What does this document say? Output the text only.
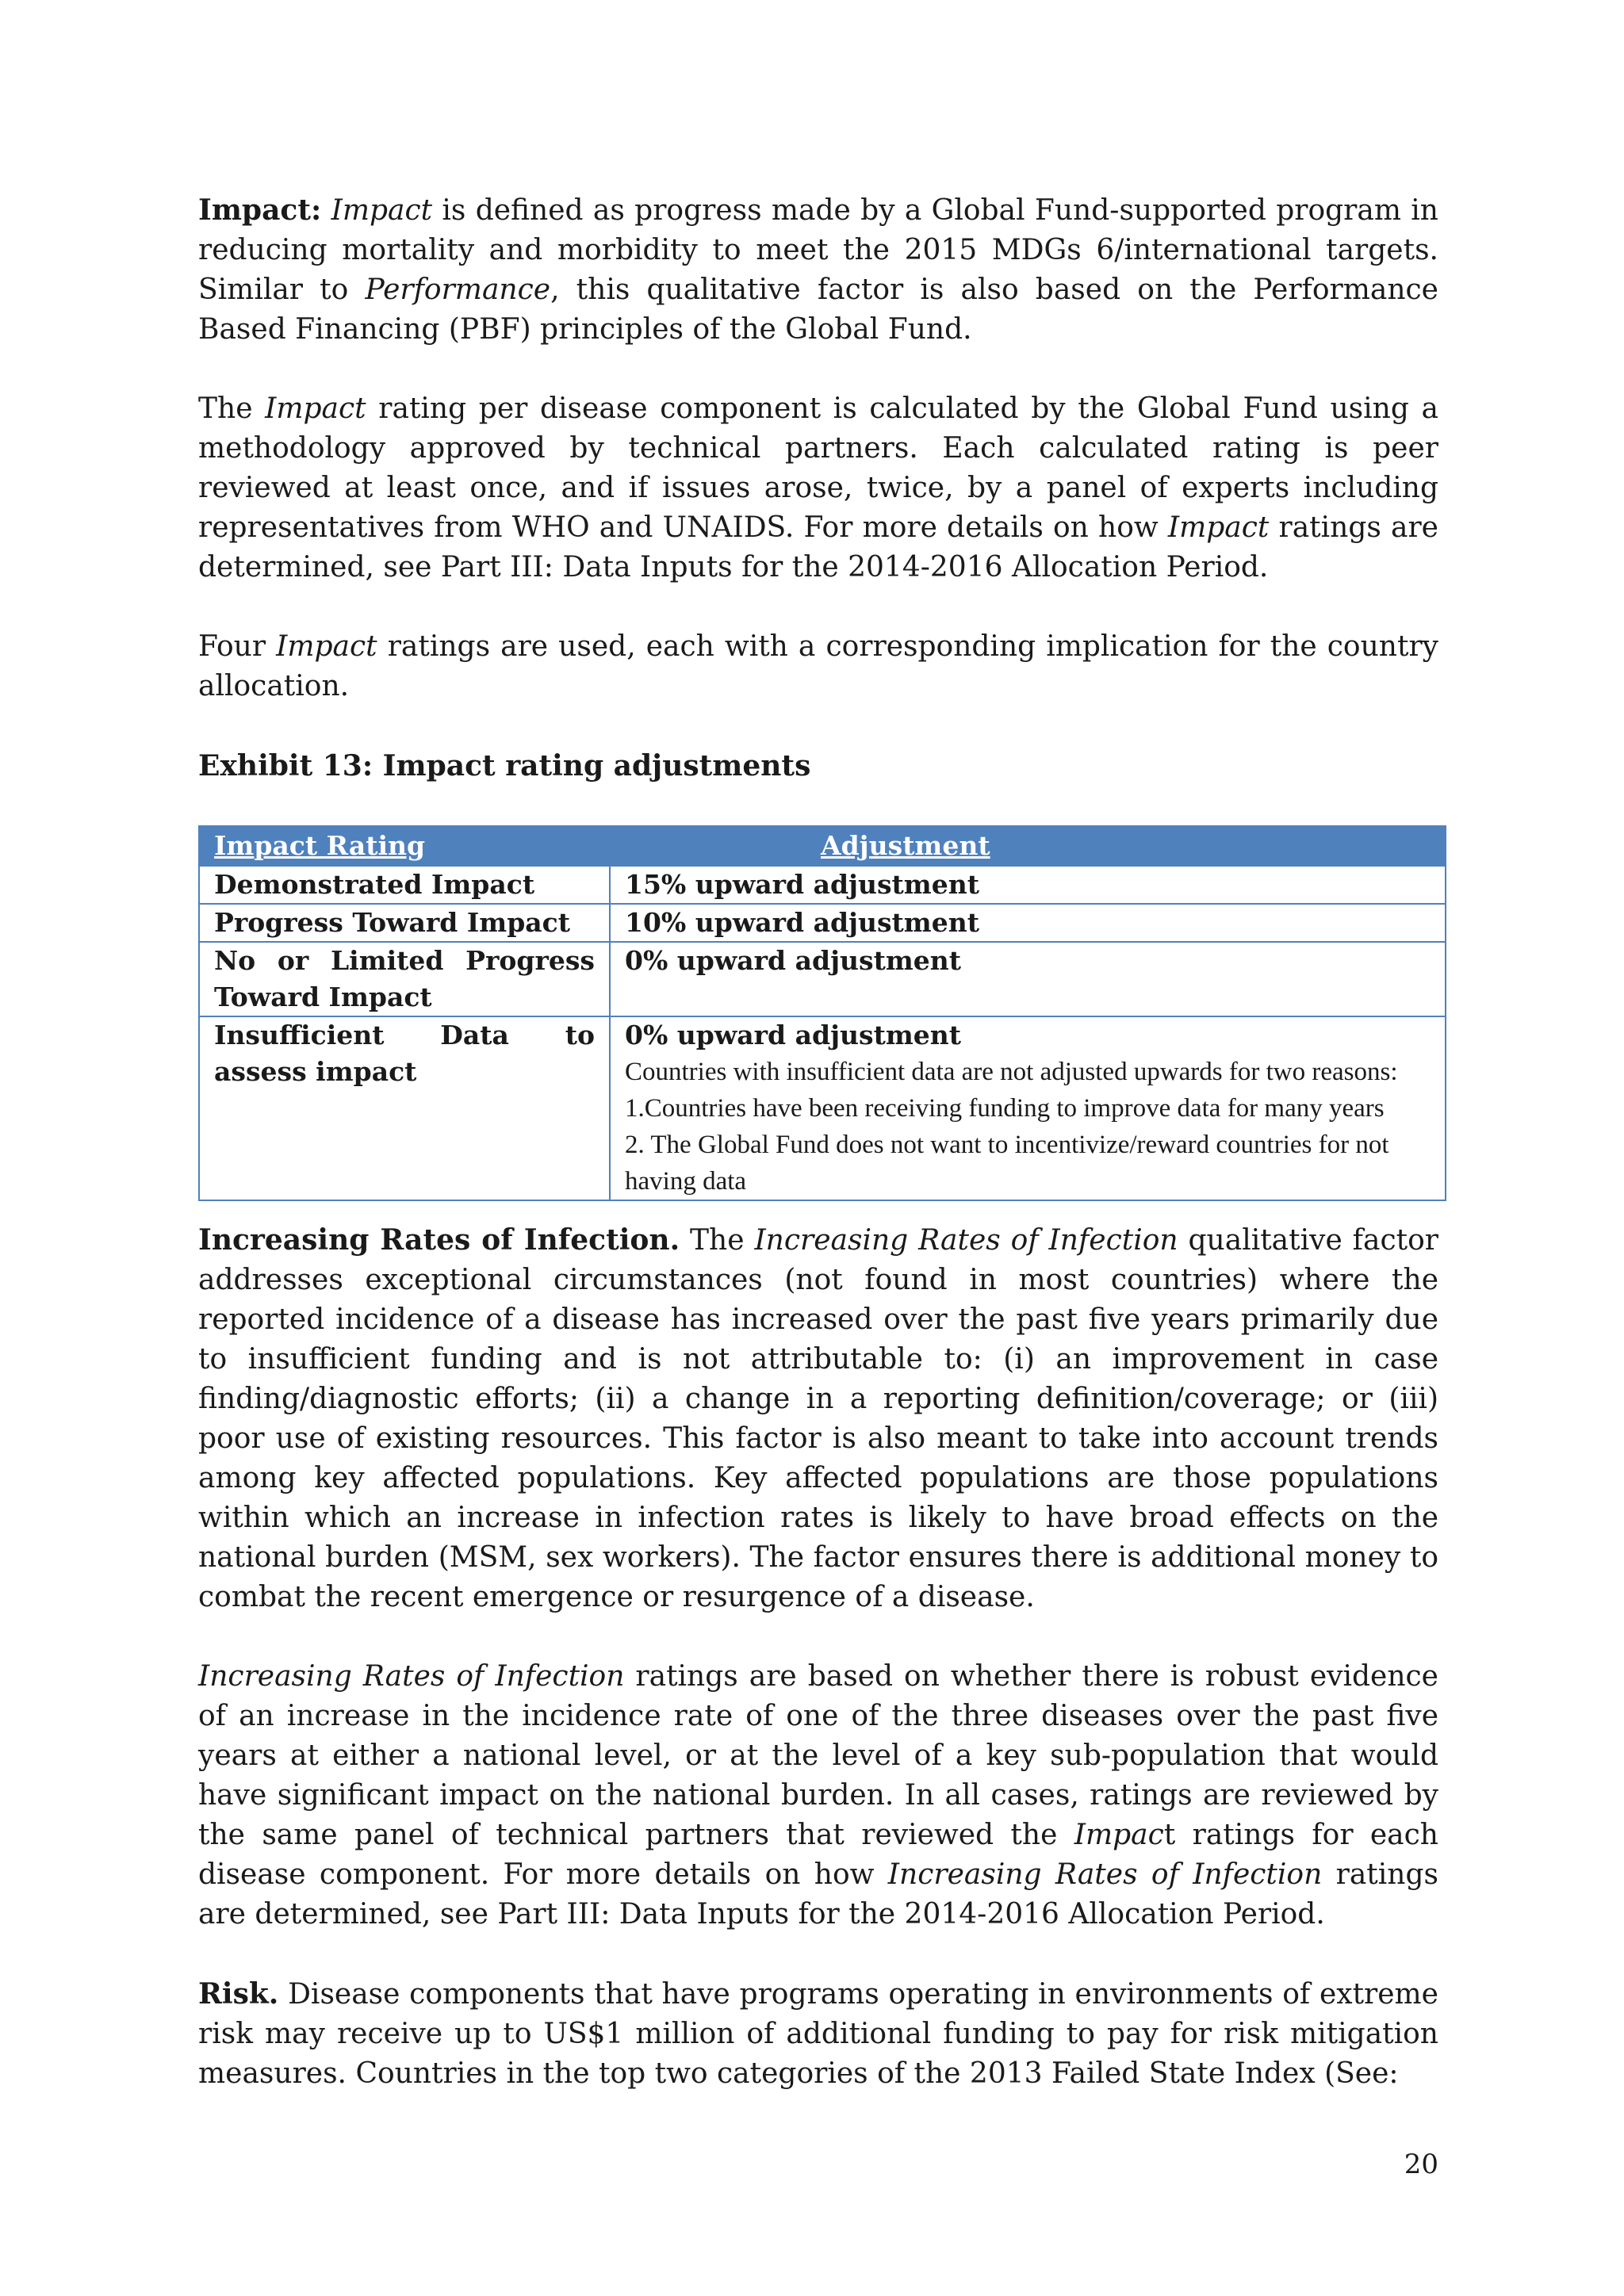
Impact: Impact is defined as progress made by a Global Fund-supported program in reducing mortality and morbidity to meet the 2015 MDGs 6/international targets. Similar to Performance, this qualitative factor is also based on the Performance Based Financing (PBF) principles of the Global Fund.

The Impact rating per disease component is calculated by the Global Fund using a methodology approved by technical partners. Each calculated rating is peer reviewed at least once, and if issues arose, twice, by a panel of experts including representatives from WHO and UNAIDS. For more details on how Impact ratings are determined, see Part III: Data Inputs for the 2014-2016 Allocation Period.

Four Impact ratings are used, each with a corresponding implication for the country allocation.

Exhibit 13: Impact rating adjustments
Impact Rating	Adjustment
Demonstrated Impact	15% upward adjustment
Progress Toward Impact	10% upward adjustment
No or Limited Progress Toward Impact	0% upward adjustment
Insufficient Data to assess impact	0% upward adjustment
Countries with insufficient data are not adjusted upwards for two reasons:
1.Countries have been receiving funding to improve data for many years
2. The Global Fund does not want to incentivize/reward countries for not having data

Increasing Rates of Infection. The Increasing Rates of Infection qualitative factor addresses exceptional circumstances (not found in most countries) where the reported incidence of a disease has increased over the past five years primarily due to insufficient funding and is not attributable to: (i) an improvement in case finding/diagnostic efforts; (ii) a change in a reporting definition/coverage; or (iii) poor use of existing resources. This factor is also meant to take into account trends among key affected populations. Key affected populations are those populations within which an increase in infection rates is likely to have broad effects on the national burden (MSM, sex workers). The factor ensures there is additional money to combat the recent emergence or resurgence of a disease.

Increasing Rates of Infection ratings are based on whether there is robust evidence of an increase in the incidence rate of one of the three diseases over the past five years at either a national level, or at the level of a key sub-population that would have significant impact on the national burden. In all cases, ratings are reviewed by the same panel of technical partners that reviewed the Impact ratings for each disease component. For more details on how Increasing Rates of Infection ratings are determined, see Part III: Data Inputs for the 2014-2016 Allocation Period.

Risk. Disease components that have programs operating in environments of extreme risk may receive up to US$1 million of additional funding to pay for risk mitigation measures. Countries in the top two categories of the 2013 Failed State Index (See:

20
